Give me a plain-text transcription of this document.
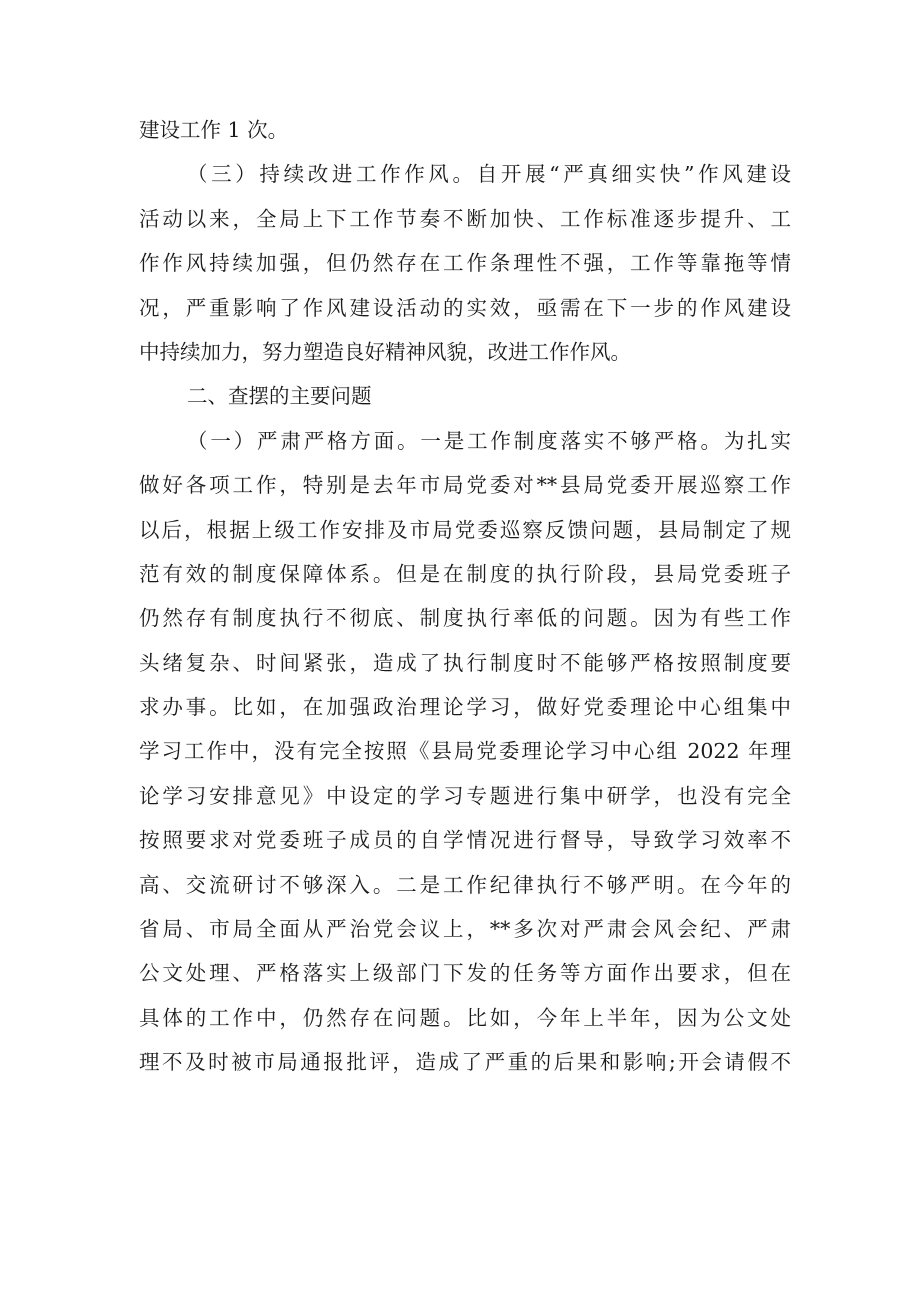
建设工作 1 次。
（三）持续改进工作作风。自开展“严真细实快”作风建设
活动以来，全局上下工作节奏不断加快、工作标准逐步提升、工
作作风持续加强，但仍然存在工作条理性不强，工作等靠拖等情
况，严重影响了作风建设活动的实效，亟需在下一步的作风建设
中持续加力，努力塑造良好精神风貌，改进工作作风。
二、查摆的主要问题
（一）严肃严格方面。一是工作制度落实不够严格。为扎实
做好各项工作，特别是去年市局党委对**县局党委开展巡察工作
以后，根据上级工作安排及市局党委巡察反馈问题，县局制定了规
范有效的制度保障体系。但是在制度的执行阶段，县局党委班子
仍然存有制度执行不彻底、制度执行率低的问题。因为有些工作
头绪复杂、时间紧张，造成了执行制度时不能够严格按照制度要
求办事。比如，在加强政治理论学习，做好党委理论中心组集中
学习工作中，没有完全按照《县局党委理论学习中心组 2022 年理
论学习安排意见》中设定的学习专题进行集中研学，也没有完全
按照要求对党委班子成员的自学情况进行督导，导致学习效率不
高、交流研讨不够深入。二是工作纪律执行不够严明。在今年的
省局、市局全面从严治党会议上，**多次对严肃会风会纪、严肃
公文处理、严格落实上级部门下发的任务等方面作出要求，但在
具体的工作中，仍然存在问题。比如，今年上半年，因为公文处
理不及时被市局通报批评，造成了严重的后果和影响;开会请假不
